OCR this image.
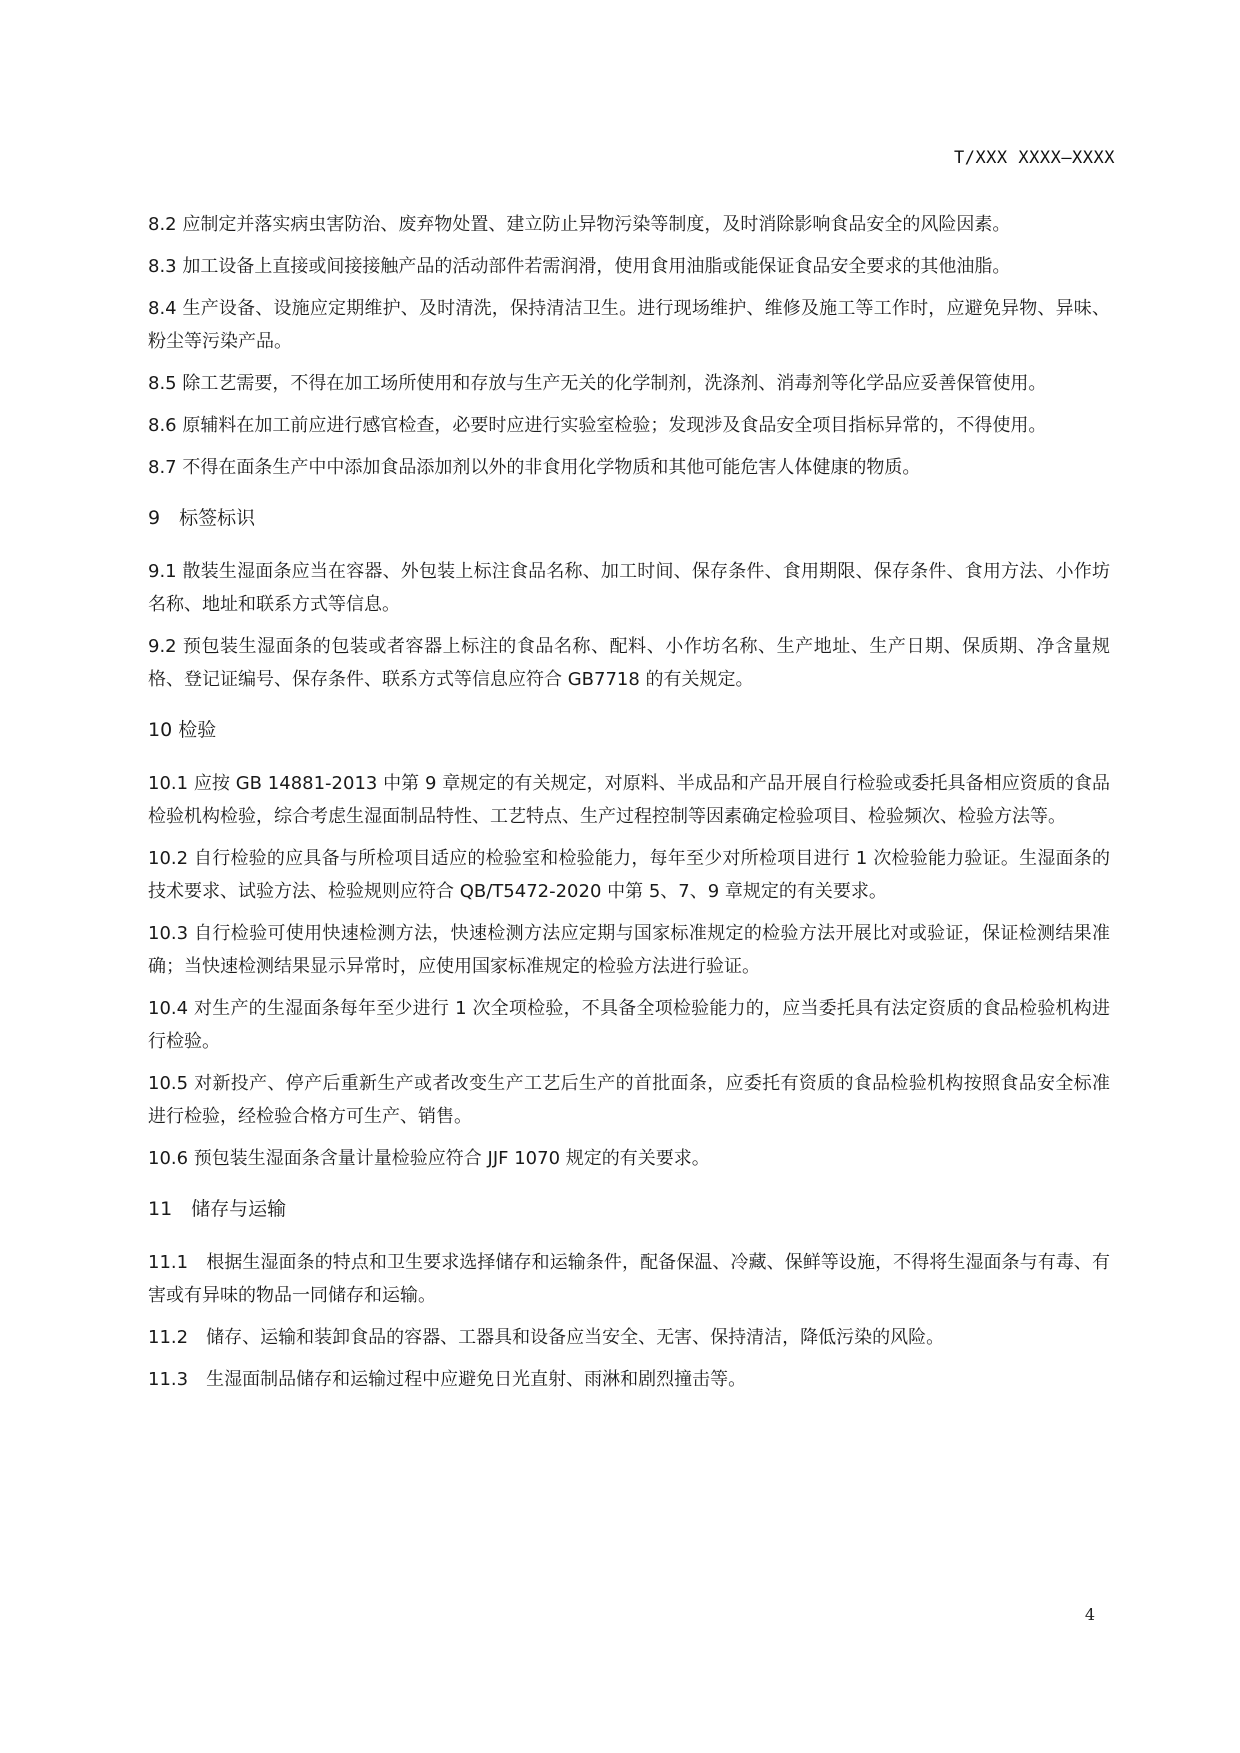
T/XXX XXXX—XXXX

8.2 应制定并落实病虫害防治、废弃物处置、建立防止异物污染等制度，及时消除影响食品安全的风险因素。

8.3 加工设备上直接或间接接触产品的活动部件若需润滑，使用食用油脂或能保证食品安全要求的其他油脂。

8.4 生产设备、设施应定期维护、及时清洗，保持清洁卫生。进行现场维护、维修及施工等工作时，应避免异物、异味、粉尘等污染产品。

8.5 除工艺需要，不得在加工场所使用和存放与生产无关的化学制剂，洗涤剂、消毒剂等化学品应妥善保管使用。

8.6 原辅料在加工前应进行感官检查，必要时应进行实验室检验；发现涉及食品安全项目指标异常的，不得使用。

8.7 不得在面条生产中中添加食品添加剂以外的非食用化学物质和其他可能危害人体健康的物质。

9　标签标识

9.1 散装生湿面条应当在容器、外包装上标注食品名称、加工时间、保存条件、食用期限、保存条件、食用方法、小作坊名称、地址和联系方式等信息。

9.2 预包装生湿面条的包装或者容器上标注的食品名称、配料、小作坊名称、生产地址、生产日期、保质期、净含量规格、登记证编号、保存条件、联系方式等信息应符合 GB7718 的有关规定。

10 检验

10.1 应按 GB 14881-2013 中第 9 章规定的有关规定，对原料、半成品和产品开展自行检验或委托具备相应资质的食品检验机构检验，综合考虑生湿面制品特性、工艺特点、生产过程控制等因素确定检验项目、检验频次、检验方法等。

10.2 自行检验的应具备与所检项目适应的检验室和检验能力，每年至少对所检项目进行 1 次检验能力验证。生湿面条的技术要求、试验方法、检验规则应符合 QB/T5472-2020 中第 5、7、9 章规定的有关要求。

10.3 自行检验可使用快速检测方法，快速检测方法应定期与国家标准规定的检验方法开展比对或验证，保证检测结果准确；当快速检测结果显示异常时，应使用国家标准规定的检验方法进行验证。

10.4 对生产的生湿面条每年至少进行 1 次全项检验，不具备全项检验能力的，应当委托具有法定资质的食品检验机构进行检验。

10.5 对新投产、停产后重新生产或者改变生产工艺后生产的首批面条，应委托有资质的食品检验机构按照食品安全标准进行检验，经检验合格方可生产、销售。

10.6 预包装生湿面条含量计量检验应符合 JJF 1070 规定的有关要求。

11　储存与运输

11.1　根据生湿面条的特点和卫生要求选择储存和运输条件，配备保温、冷藏、保鲜等设施，不得将生湿面条与有毒、有害或有异味的物品一同储存和运输。

11.2　储存、运输和装卸食品的容器、工器具和设备应当安全、无害、保持清洁，降低污染的风险。

11.3　生湿面制品储存和运输过程中应避免日光直射、雨淋和剧烈撞击等。

4
